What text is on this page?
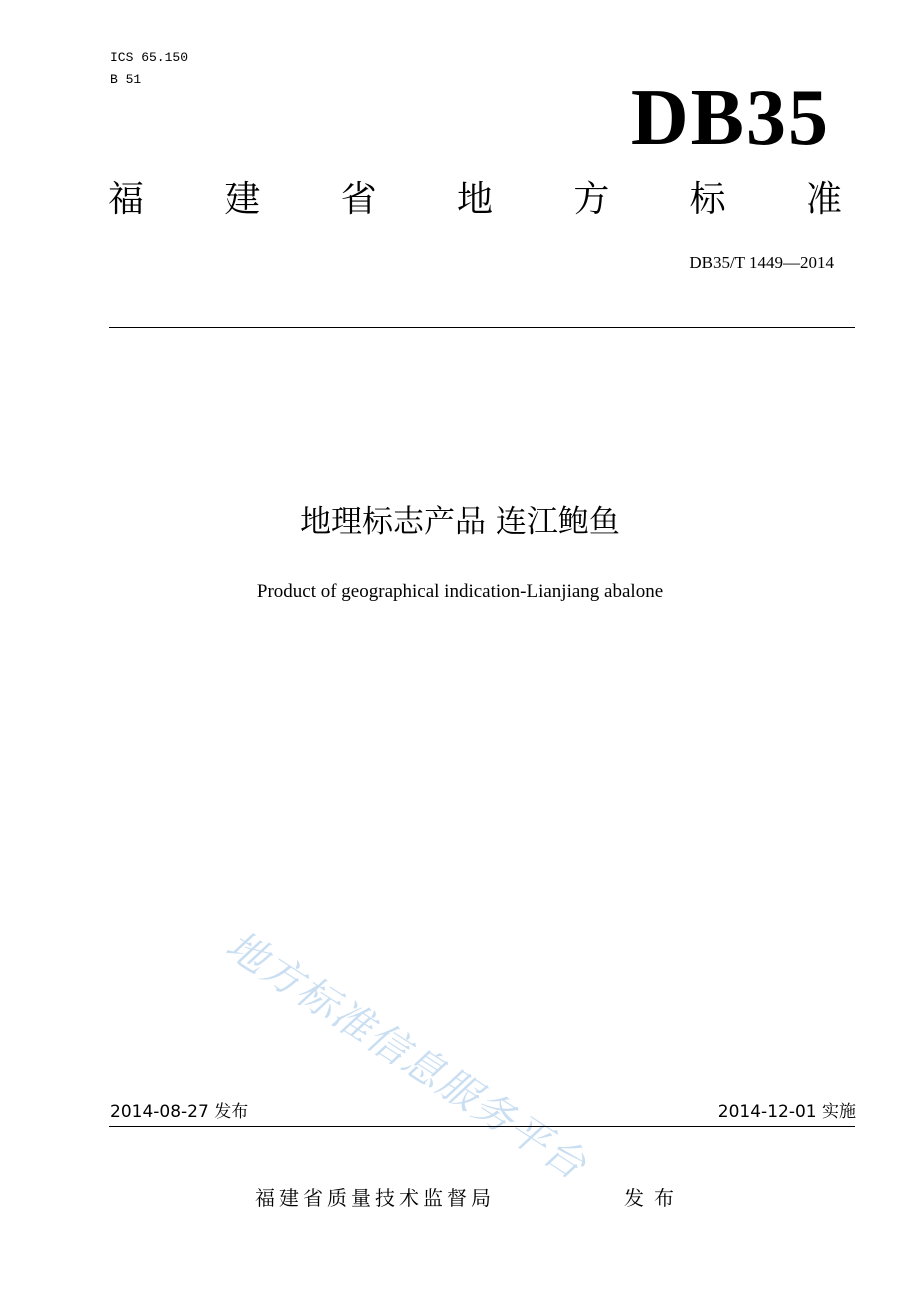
ICS 65.150
B 51	DB35
福 建 省 地 方 标 准
DB35/T 1449—2014
地理标志产品 连江鲍鱼
Product of geographical indication-Lianjiang abalone
地方标准信息服务平台
2014-08-27 发布	2014-12-01 实施
福建省质量技术监督局	发布
